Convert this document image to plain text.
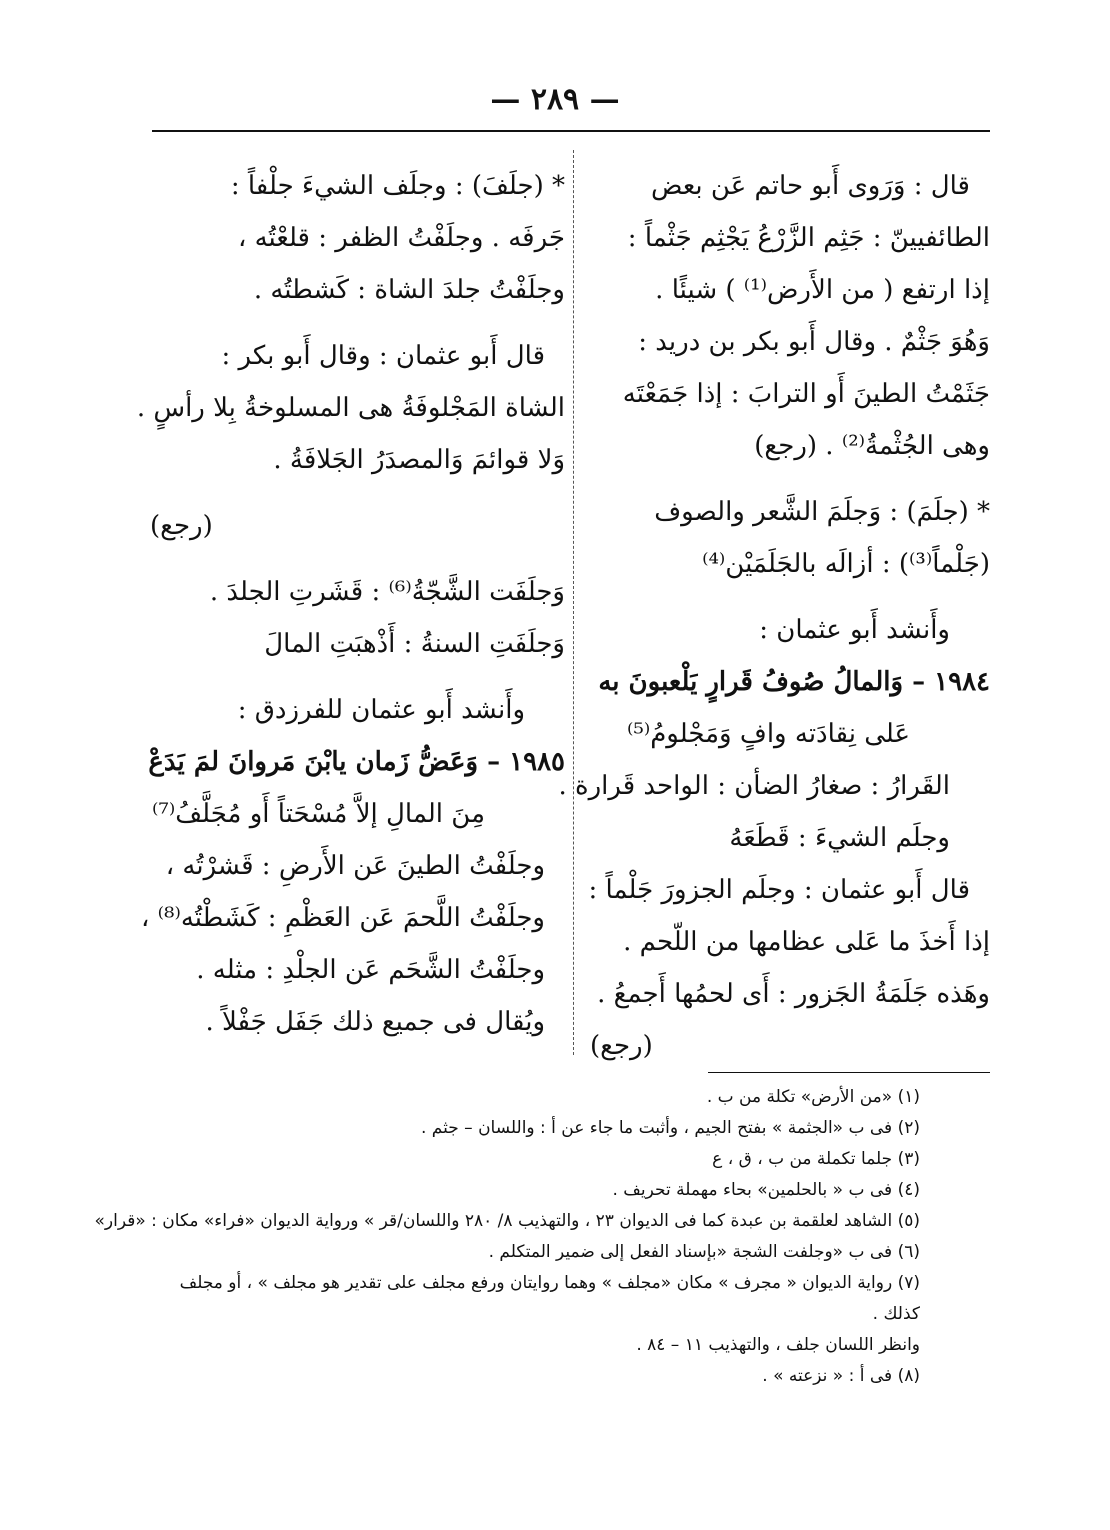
— ٢٨٩ —
قال : وَرَوى أَبو حاتم عَن بعض
الطائفيينّ : جَثِم الزَّرْعُ يَجْثِم جَثْماً :
إذا ارتفع ( من الأَرض⁽¹⁾ ) شيئًا .
وَهُوَ جَثْمٌ . وقال أَبو بكر بن دريد :
جَثَمْتُ الطينَ أَو الترابَ : إذا جَمَعْتَه
وهى الجُثْمةُ⁽²⁾ . (رجع)
* (جلَمَ) : وَجلَمَ الشَّعر والصوف
(جَلْماً⁽³⁾) : أزالَه بالجَلَمَيْن⁽⁴⁾
وأَنشد أَبو عثمان :
١٩٨٤ – وَالمالُ صُوفُ قَرارٍ يَلْعبونَ به
عَلى نِقادَته وافٍ وَمَجْلومُ⁽⁵⁾
القَرارُ : صغارُ الضأن : الواحد قَرارة .
وجلَم الشيءَ : قَطَعَهُ
قال أَبو عثمان : وجلَم الجزورَ جَلْماً :
إذا أَخذَ ما عَلى عظامها من اللّحم .
وهَذه جَلَمَةُ الجَزور : أَى لحمُها أَجمعُ .
(رجع)
* (جلَفَ) : وجلَف الشيءَ جلْفاً :
جَرفَه . وجلَفْتُ الظفر : قلعْتُه ،
وجلَفْتُ جلدَ الشاة : كَشطتُه .
قال أَبو عثمان : وقال أَبو بكر :
الشاة المَجْلوفَةُ هى المسلوخةُ بِلا رأسٍ .
وَلا قوائمَ وَالمصدَرُ الجَلافَةُ .
(رجع)
وَجلَفَت الشَّجّةُ⁽⁶⁾ : قَشَرتِ الجلدَ .
وَجلَفَتِ السنةُ : أَذْهبَتِ المالَ
وأَنشد أَبو عثمان للفرزدق :
١٩٨٥ – وَعَضُّ زَمان يابْنَ مَروانَ لمَ يَدَعْ
مِنَ المالِ إلاَّ مُسْحَتاً أَو مُجَلَّفُ⁽⁷⁾
وجلَفْتُ الطينَ عَن الأَرضِ : قَشرْتُه ،
وجلَفْتُ اللَّحمَ عَن العَظْمِ : كَشَطْتُه⁽⁸⁾ ،
وجلَفْتُ الشَّحَم عَن الجلْدِ : مثله .
ويُقال فى جميع ذلك جَفَل جَفْلاً .
(١) «من الأرض» تكلة من ب .
(٢) فى ب «الجثمة » بفتح الجيم ، وأثبت ما جاء عن أ : واللسان – جثم .
(٣) جلما تكملة من ب ، ق ، ع
(٤) فى ب « بالحلمين» بحاء مهملة تحريف .
(٥) الشاهد لعلقمة بن عبدة كما فى الديوان ٢٣ ، والتهذيب ٨/ ٢٨٠ واللسان/قر » ورواية الديوان «فراء» مكان : «قرار»
(٦) فى ب «وجلفت الشجة «بإسناد الفعل إلى ضمير المتكلم .
(٧) رواية الديوان « مجرف » مكان «مجلف » وهما روايتان ورفع مجلف على تقدير هو مجلف » ، أو مجلف
كذلك .
وانظر اللسان جلف ، والتهذيب ١١ – ٨٤ .
(٨) فى أ : « نزعته » .
